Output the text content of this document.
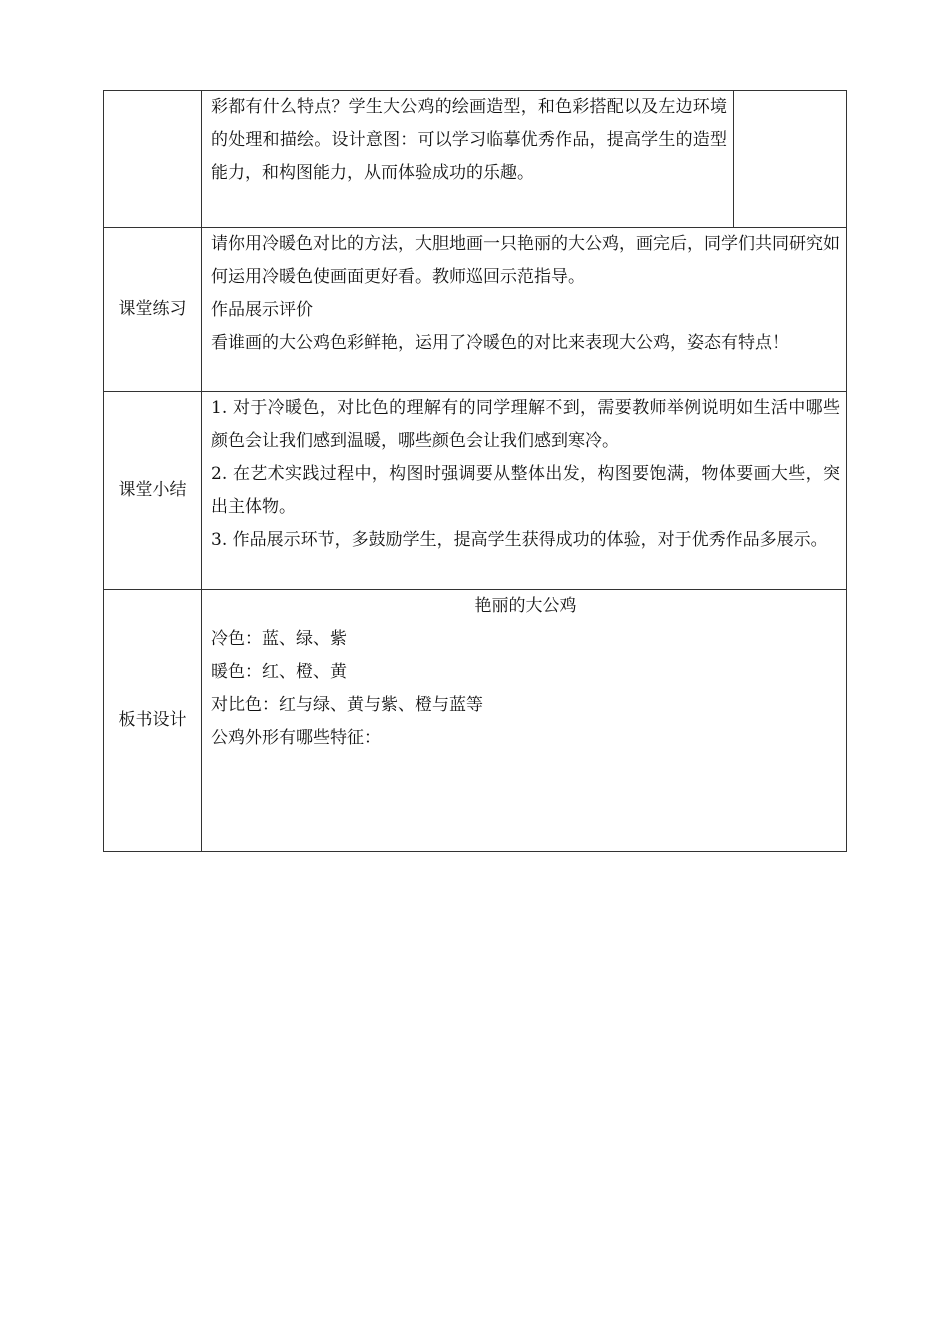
	彩都有什么特点？学生大公鸡的绘画造型，和色彩搭配以及左边环境的处理和描绘。设计意图：可以学习临摹优秀作品，提高学生的造型能力，和构图能力，从而体验成功的乐趣。	

课堂练习	请你用冷暖色对比的方法，大胆地画一只艳丽的大公鸡，画完后，同学们共同研究如何运用冷暖色使画面更好看。教师巡回示范指导。

作品展示评价

看谁画的大公鸡色彩鲜艳，运用了冷暖色的对比来表现大公鸡，姿态有特点！	

课堂小结	1. 对于冷暖色，对比色的理解有的同学理解不到，需要教师举例说明如生活中哪些颜色会让我们感到温暖，哪些颜色会让我们感到寒冷。

2. 在艺术实践过程中，构图时强调要从整体出发，构图要饱满，物体要画大些，突出主体物。

3. 作品展示环节，多鼓励学生，提高学生获得成功的体验，对于优秀作品多展示。	

板书设计	艳丽的大公鸡

冷色：蓝、绿、紫

暖色：红、橙、黄

对比色：红与绿、黄与紫、橙与蓝等

公鸡外形有哪些特征：	
